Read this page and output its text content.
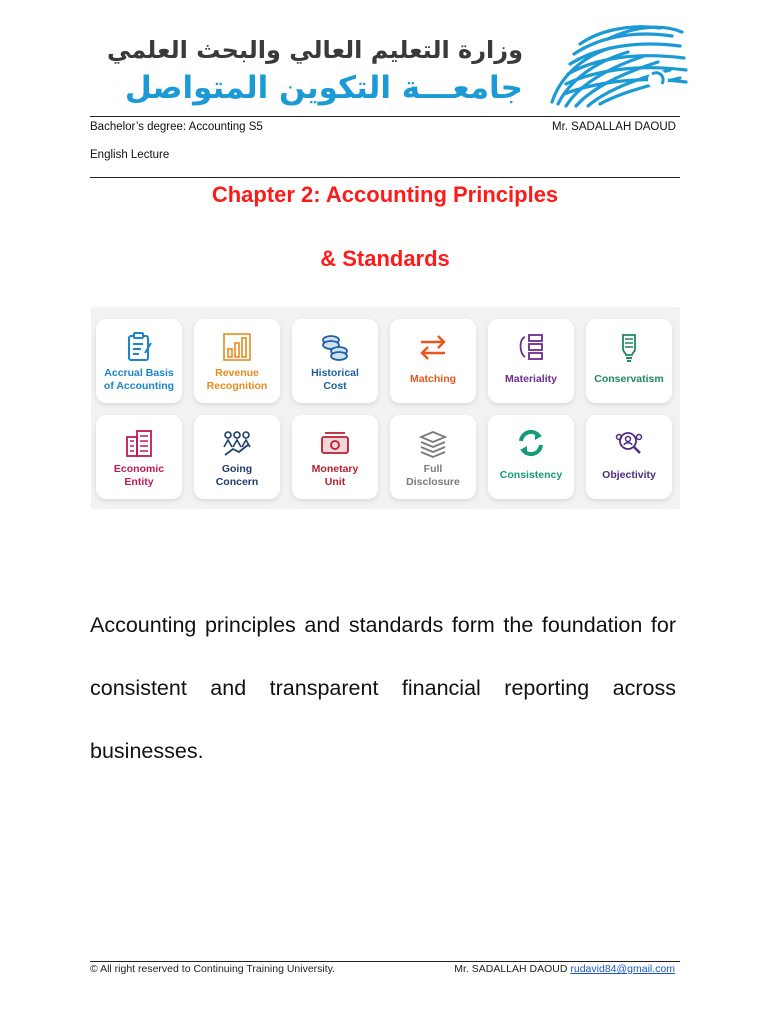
وزارة التعليم العالي والبحث العلمي
جامعـــة التكوين المتواصل
Bachelor’s degree: Accounting S5	Mr. SADALLAH DAOUD
English Lecture
Chapter 2: Accounting Principles
& Standards
Accrual Basis
of Accounting
Revenue
Recognition
Historical
Cost
Matching	Materiality	Conservatism
Economic
Entity
Going
Concern
Monetary
Unit
Full
Disclosure
Consistency	Objectivity
Accounting principles and standards form the foundation for consistent and transparent financial reporting across businesses.
© All right reserved to Continuing Training University.	Mr. SADALLAH DAOUD rudavid84@gmail.com
